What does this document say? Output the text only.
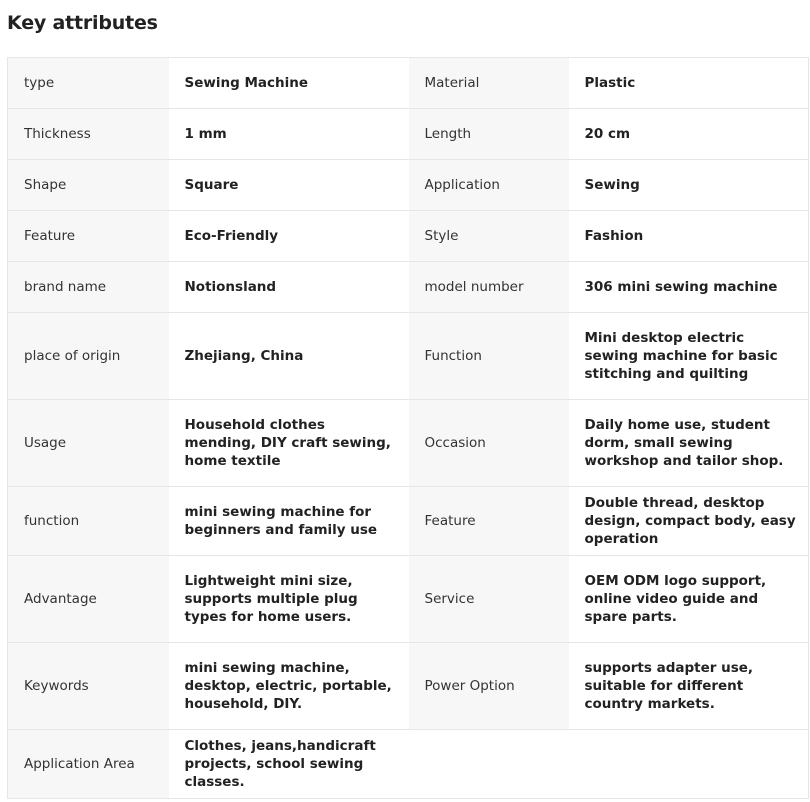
Key attributes
type	Sewing Machine	Material	Plastic
Thickness	1 mm	Length	20 cm
Shape	Square	Application	Sewing
Feature	Eco-Friendly	Style	Fashion
brand name	Notionsland	model number	306 mini sewing machine
place of origin	Zhejiang, China	Function	Mini desktop electric sewing machine for basic stitching and quilting
Usage	Household clothes mending, DIY craft sewing, home textile	Occasion	Daily home use, student dorm, small sewing workshop and tailor shop.
function	mini sewing machine for beginners and family use	Feature	Double thread, desktop design, compact body, easy operation
Advantage	Lightweight mini size, supports multiple plug types for home users.	Service	OEM ODM logo support, online video guide and spare parts.
Keywords	mini sewing machine, desktop, electric, portable, household, DIY.	Power Option	supports adapter use, suitable for different country markets.
Application Area	Clothes, jeans,handicraft projects, school sewing classes.		
